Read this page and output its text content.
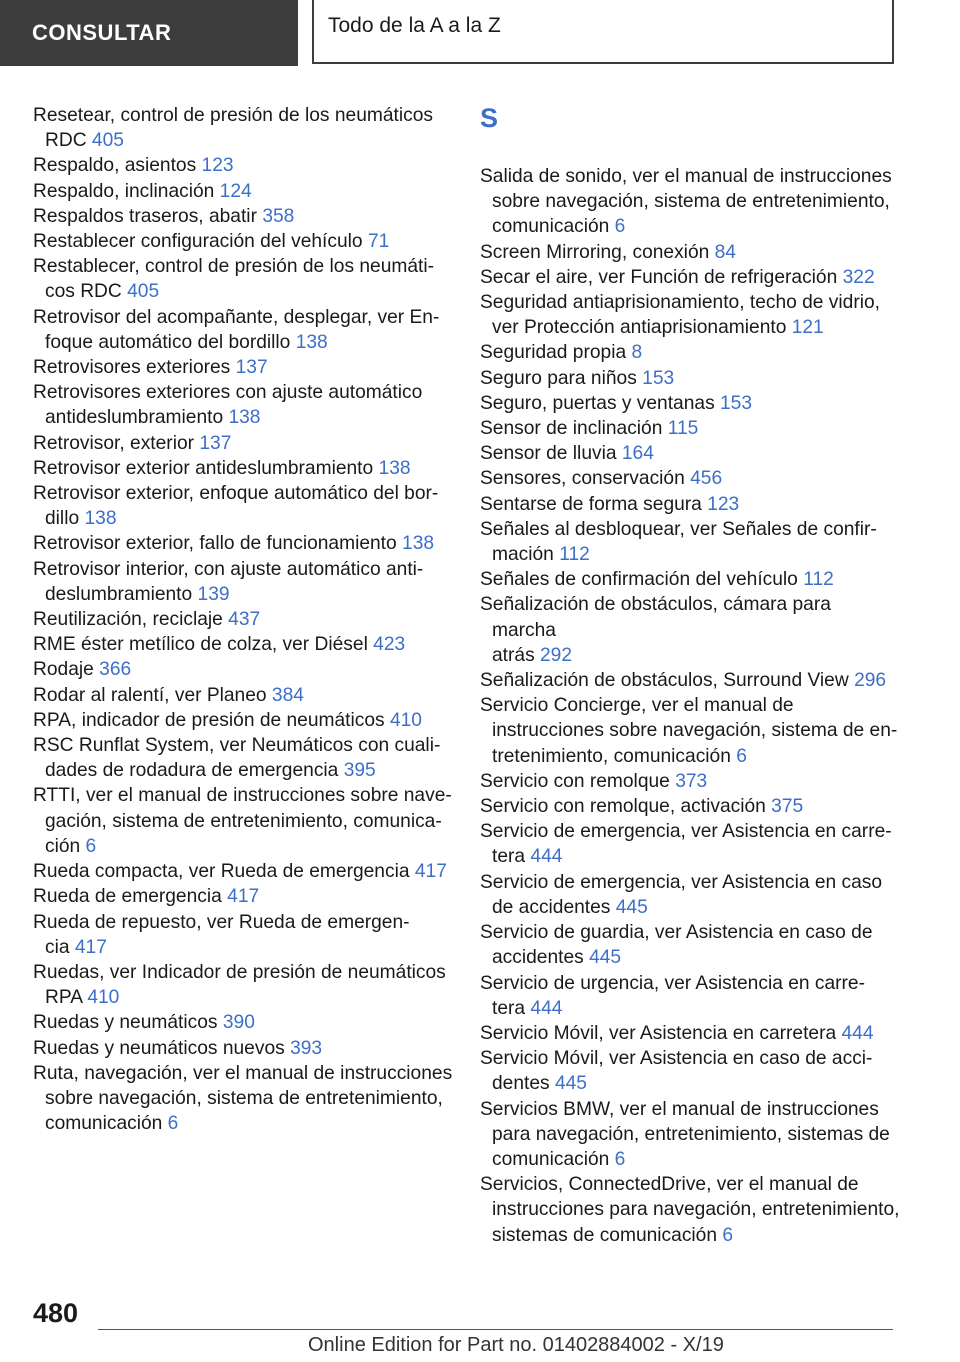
CONSULTAR	Todo de la A a la Z
Resetear, control de presión de los neumáticos
RDC 405
Respaldo, asientos 123
Respaldo, inclinación 124
Respaldos traseros, abatir 358
Restablecer configuración del vehículo 71
Restablecer, control de presión de los neumáti-
cos RDC 405
Retrovisor del acompañante, desplegar, ver En-
foque automático del bordillo 138
Retrovisores exteriores 137
Retrovisores exteriores con ajuste automático
antideslumbramiento 138
Retrovisor, exterior 137
Retrovisor exterior antideslumbramiento 138
Retrovisor exterior, enfoque automático del bor-
dillo 138
Retrovisor exterior, fallo de funcionamiento 138
Retrovisor interior, con ajuste automático anti-
deslumbramiento 139
Reutilización, reciclaje 437
RME éster metílico de colza, ver Diésel 423
Rodaje 366
Rodar al ralentí, ver Planeo 384
RPA, indicador de presión de neumáticos 410
RSC Runflat System, ver Neumáticos con cuali-
dades de rodadura de emergencia 395
RTTI, ver el manual de instrucciones sobre nave-
gación, sistema de entretenimiento, comunica-
ción 6
Rueda compacta, ver Rueda de emergencia 417
Rueda de emergencia 417
Rueda de repuesto, ver Rueda de emergen-
cia 417
Ruedas, ver Indicador de presión de neumáticos
RPA 410
Ruedas y neumáticos 390
Ruedas y neumáticos nuevos 393
Ruta, navegación, ver el manual de instrucciones
sobre navegación, sistema de entretenimiento,
comunicación 6
S
Salida de sonido, ver el manual de instrucciones
sobre navegación, sistema de entretenimiento,
comunicación 6
Screen Mirroring, conexión 84
Secar el aire, ver Función de refrigeración 322
Seguridad antiaprisionamiento, techo de vidrio,
ver Protección antiaprisionamiento 121
Seguridad propia 8
Seguro para niños 153
Seguro, puertas y ventanas 153
Sensor de inclinación 115
Sensor de lluvia 164
Sensores, conservación 456
Sentarse de forma segura 123
Señales al desbloquear, ver Señales de confir-
mación 112
Señales de confirmación del vehículo 112
Señalización de obstáculos, cámara para marcha
atrás 292
Señalización de obstáculos, Surround View 296
Servicio Concierge, ver el manual de
instrucciones sobre navegación, sistema de en-
tretenimiento, comunicación 6
Servicio con remolque 373
Servicio con remolque, activación 375
Servicio de emergencia, ver Asistencia en carre-
tera 444
Servicio de emergencia, ver Asistencia en caso
de accidentes 445
Servicio de guardia, ver Asistencia en caso de
accidentes 445
Servicio de urgencia, ver Asistencia en carre-
tera 444
Servicio Móvil, ver Asistencia en carretera 444
Servicio Móvil, ver Asistencia en caso de acci-
dentes 445
Servicios BMW, ver el manual de instrucciones
para navegación, entretenimiento, sistemas de
comunicación 6
Servicios, ConnectedDrive, ver el manual de
instrucciones para navegación, entretenimiento,
sistemas de comunicación 6
480
Online Edition for Part no. 01402884002 - X/19
